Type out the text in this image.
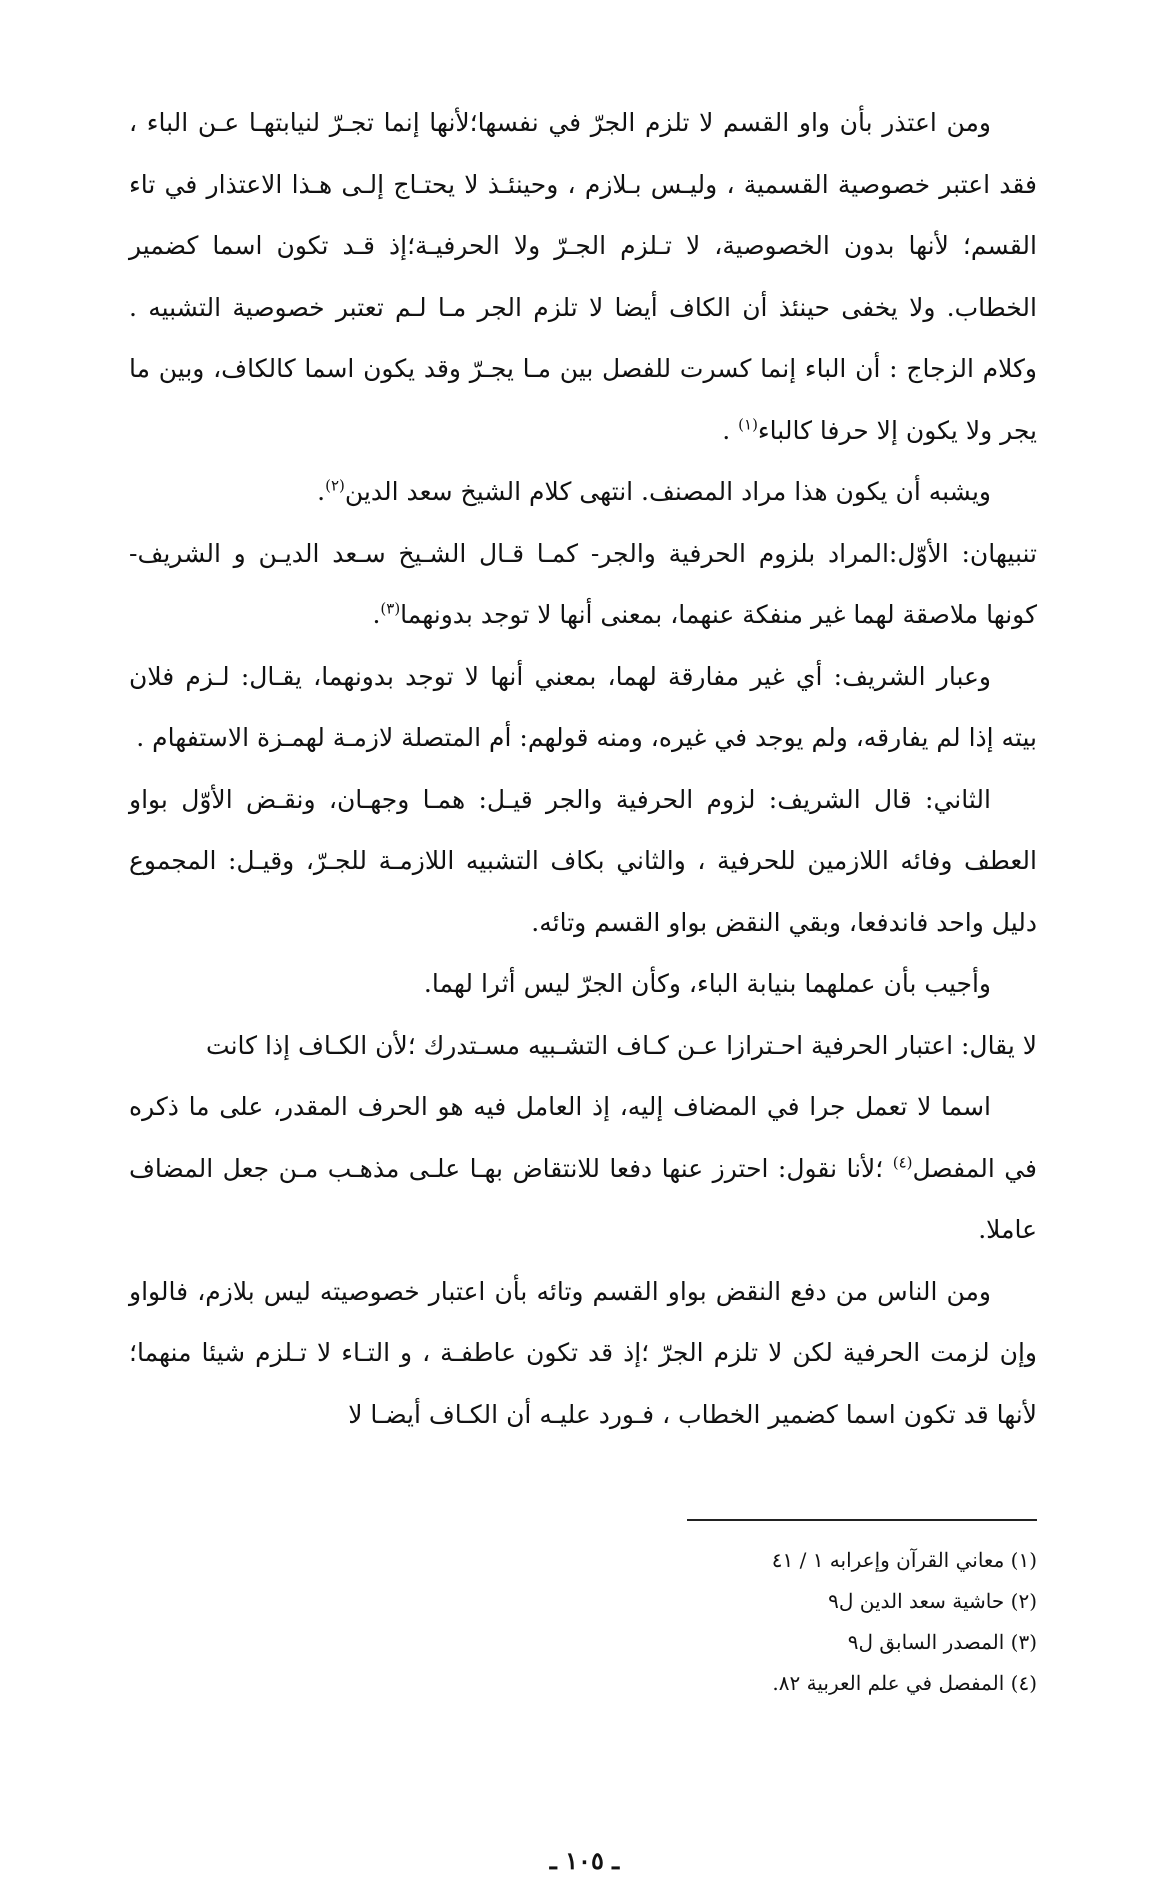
ومن اعتذر بأن واو القسم لا تلزم الجرّ في نفسها؛لأنها إنما تجـرّ لنيابتهـا عـن الباء ، فقد اعتبر خصوصية القسمية ، وليـس بـلازم ، وحينئـذ لا يحتـاج إلـى هـذا الاعتذار في تاء القسم؛ لأنها بدون الخصوصية، لا تـلزم الجـرّ ولا الحرفيـة؛إذ قـد تكون اسما كضمير الخطاب. ولا يخفى حينئذ أن الكاف أيضا لا تلزم الجر مـا لـم تعتبر خصوصية التشبيه . وكلام الزجاج : أن الباء إنما كسرت للفصل بين مـا يجـرّ وقد يكون اسما كالكاف، وبين ما يجر ولا يكون إلا حرفا كالباء$^{(١)}$ .

ويشبه أن يكون هذا مراد المصنف. انتهى كلام الشيخ سعد الدين$^{(٢)}$.

تنبيهان: الأوّل:المراد بلزوم الحرفية والجر- كمـا قـال الشـيخ سـعد الديـن و الشريف- كونها ملاصقة لهما غير منفكة عنهما، بمعنى أنها لا توجد بدونهما$^{(٣)}$.

وعبار الشريف: أي غير مفارقة لهما، بمعني أنها لا توجد بدونهما، يقـال: لـزم فلان بيته إذا لم يفارقه، ولم يوجد في غيره، ومنه قولهم: أم المتصلة لازمـة لهمـزة الاستفهام .

الثاني: قال الشريف: لزوم الحرفية والجر قيـل: همـا وجهـان، ونقـض الأوّل بواو العطف وفائه اللازمين للحرفية ، والثاني بكاف التشبيه اللازمـة للجـرّ، وقيـل: المجموع دليل واحد فاندفعا، وبقي النقض بواو القسم وتائه.

وأجيب بأن عملهما بنيابة الباء، وكأن الجرّ ليس أثرا لهما.

لا يقال: اعتبار الحرفية احـترازا عـن كـاف التشـبيه مسـتدرك ؛لأن الكـاف إذا كانت

اسما لا تعمل جرا في المضاف إليه، إذ العامل فيه هو الحرف المقدر، على ما ذكره في المفصل$^{(٤)}$ ؛لأنا نقول: احترز عنها دفعا للانتقاض بهـا علـى مذهـب مـن جعل المضاف عاملا.

ومن الناس من دفع النقض بواو القسم وتائه بأن اعتبار خصوصيته ليس بلازم، فالواو وإن لزمت الحرفية لكن لا تلزم الجرّ ؛إذ قد تكون عاطفـة ، و التـاء لا تـلزم شيئا منهما؛لأنها قد تكون اسما كضمير الخطاب ، فـورد عليـه أن الكـاف أيضـا لا

(١) معاني القرآن وإعرابه ١ / ٤١

(٢) حاشية سعد الدين ل٩

(٣) المصدر السابق ل٩

(٤) المفصل في علم العربية ٨٢.

ـ ١٠٥ ـ
